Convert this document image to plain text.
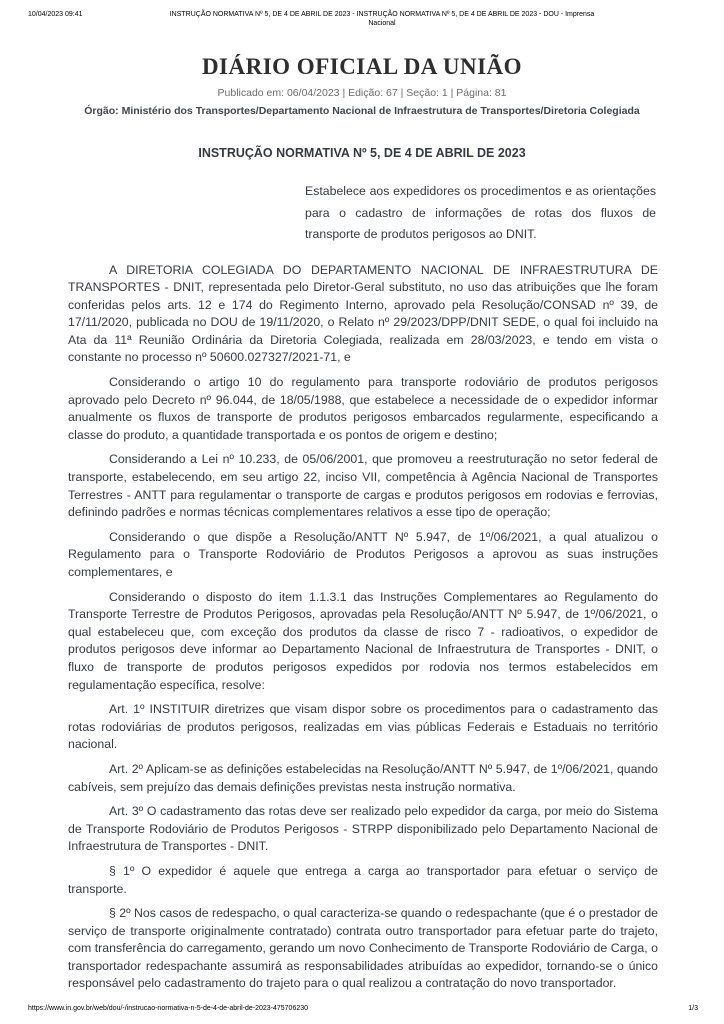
10/04/2023 09:41	INSTRUÇÃO NORMATIVA Nº 5, DE 4 DE ABRIL DE 2023 - INSTRUÇÃO NORMATIVA Nº 5, DE 4 DE ABRIL DE 2023 - DOU - Imprensa Nacional
DIÁRIO OFICIAL DA UNIÃO
Publicado em: 06/04/2023 | Edição: 67 | Seção: 1 | Página: 81
Órgão: Ministério dos Transportes/Departamento Nacional de Infraestrutura de Transportes/Diretoria Colegiada
INSTRUÇÃO NORMATIVA Nº 5, DE 4 DE ABRIL DE 2023
Estabelece aos expedidores os procedimentos e as orientações para o cadastro de informações de rotas dos fluxos de transporte de produtos perigosos ao DNIT.

A DIRETORIA COLEGIADA DO DEPARTAMENTO NACIONAL DE INFRAESTRUTURA DE TRANSPORTES - DNIT, representada pelo Diretor-Geral substituto, no uso das atribuições que lhe foram conferidas pelos arts. 12 e 174 do Regimento Interno, aprovado pela Resolução/CONSAD nº 39, de 17/11/2020, publicada no DOU de 19/11/2020, o Relato nº 29/2023/DPP/DNIT SEDE, o qual foi incluido na Ata da 11ª Reunião Ordinária da Diretoria Colegiada, realizada em 28/03/2023, e tendo em vista o constante no processo nº 50600.027327/2021-71, e

Considerando o artigo 10 do regulamento para transporte rodoviário de produtos perigosos aprovado pelo Decreto nº 96.044, de 18/05/1988, que estabelece a necessidade de o expedidor informar anualmente os fluxos de transporte de produtos perigosos embarcados regularmente, especificando a classe do produto, a quantidade transportada e os pontos de origem e destino;

Considerando a Lei nº 10.233, de 05/06/2001, que promoveu a reestruturação no setor federal de transporte, estabelecendo, em seu artigo 22, inciso VII, competência à Agência Nacional de Transportes Terrestres - ANTT para regulamentar o transporte de cargas e produtos perigosos em rodovias e ferrovias, definindo padrões e normas técnicas complementares relativos a esse tipo de operação;

Considerando o que dispõe a Resolução/ANTT Nº 5.947, de 1º/06/2021, a qual atualizou o Regulamento para o Transporte Rodoviário de Produtos Perigosos a aprovou as suas instruções complementares, e

Considerando o disposto do item 1.1.3.1 das Instruções Complementares ao Regulamento do Transporte Terrestre de Produtos Perigosos, aprovadas pela Resolução/ANTT Nº 5.947, de 1º/06/2021, o qual estabeleceu que, com exceção dos produtos da classe de risco 7 - radioativos, o expedidor de produtos perigosos deve informar ao Departamento Nacional de Infraestrutura de Transportes - DNIT, o fluxo de transporte de produtos perigosos expedidos por rodovia nos termos estabelecidos em regulamentação específica, resolve:

Art. 1º INSTITUIR diretrizes que visam dispor sobre os procedimentos para o cadastramento das rotas rodoviárias de produtos perigosos, realizadas em vias públicas Federais e Estaduais no território nacional.

Art. 2º Aplicam-se as definições estabelecidas na Resolução/ANTT Nº 5.947, de 1º/06/2021, quando cabíveis, sem prejuízo das demais definições previstas nesta instrução normativa.

Art. 3º O cadastramento das rotas deve ser realizado pelo expedidor da carga, por meio do Sistema de Transporte Rodoviário de Produtos Perigosos - STRPP disponibilizado pelo Departamento Nacional de Infraestrutura de Transportes - DNIT.

§ 1º O expedidor é aquele que entrega a carga ao transportador para efetuar o serviço de transporte.

§ 2º Nos casos de redespacho, o qual caracteriza-se quando o redespachante (que é o prestador de serviço de transporte originalmente contratado) contrata outro transportador para efetuar parte do trajeto, com transferência do carregamento, gerando um novo Conhecimento de Transporte Rodoviário de Carga, o transportador redespachante assumirá as responsabilidades atribuídas ao expedidor, tornando-se o único responsável pelo cadastramento do trajeto para o qual realizou a contratação do novo transportador.

https://www.in.gov.br/web/dou/-/instrucao-normativa-n-5-de-4-de-abril-de-2023-475706230	1/3
